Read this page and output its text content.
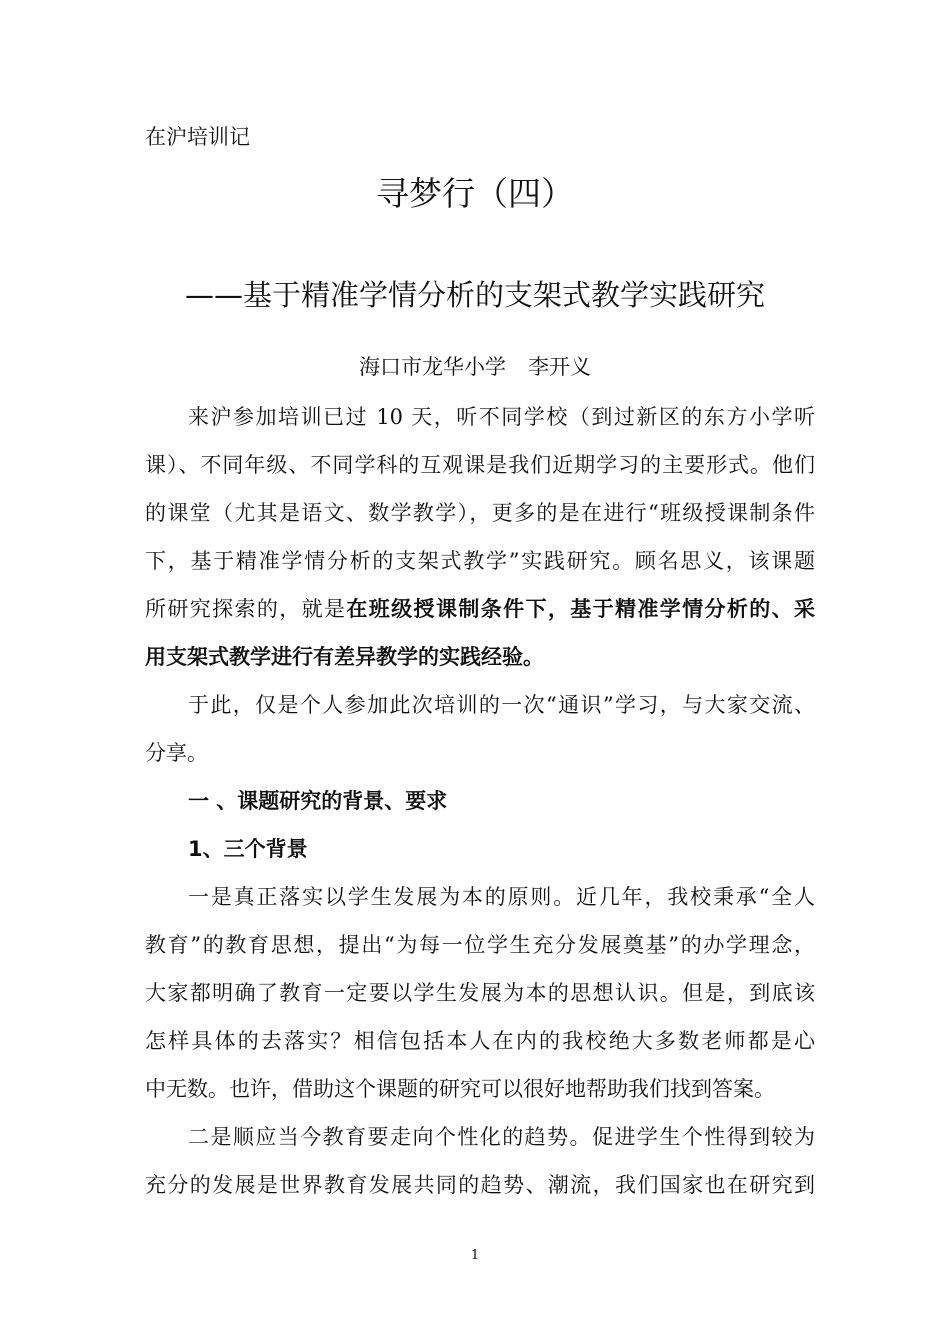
在沪培训记
寻梦行（四）
——基于精准学情分析的支架式教学实践研究
海口市龙华小学 李开义
来沪参加培训已过 10 天，听不同学校（到过新区的东方小学听
课）、不同年级、不同学科的互观课是我们近期学习的主要形式。他们
的课堂（尤其是语文、数学教学），更多的是在进行“班级授课制条件
下，基于精准学情分析的支架式教学”实践研究。顾名思义，该课题
所研究探索的，就是在班级授课制条件下，基于精准学情分析的、采
用支架式教学进行有差异教学的实践经验。
于此，仅是个人参加此次培训的一次“通识”学习，与大家交流、
分享。
一 、课题研究的背景、要求
1、三个背景
一是真正落实以学生发展为本的原则。近几年，我校秉承“全人
教育”的教育思想，提出“为每一位学生充分发展奠基”的办学理念，
大家都明确了教育一定要以学生发展为本的思想认识。但是，到底该
怎样具体的去落实？相信包括本人在内的我校绝大多数老师都是心
中无数。也许，借助这个课题的研究可以很好地帮助我们找到答案。
二是顺应当今教育要走向个性化的趋势。促进学生个性得到较为
充分的发展是世界教育发展共同的趋势、潮流，我们国家也在研究到
1
